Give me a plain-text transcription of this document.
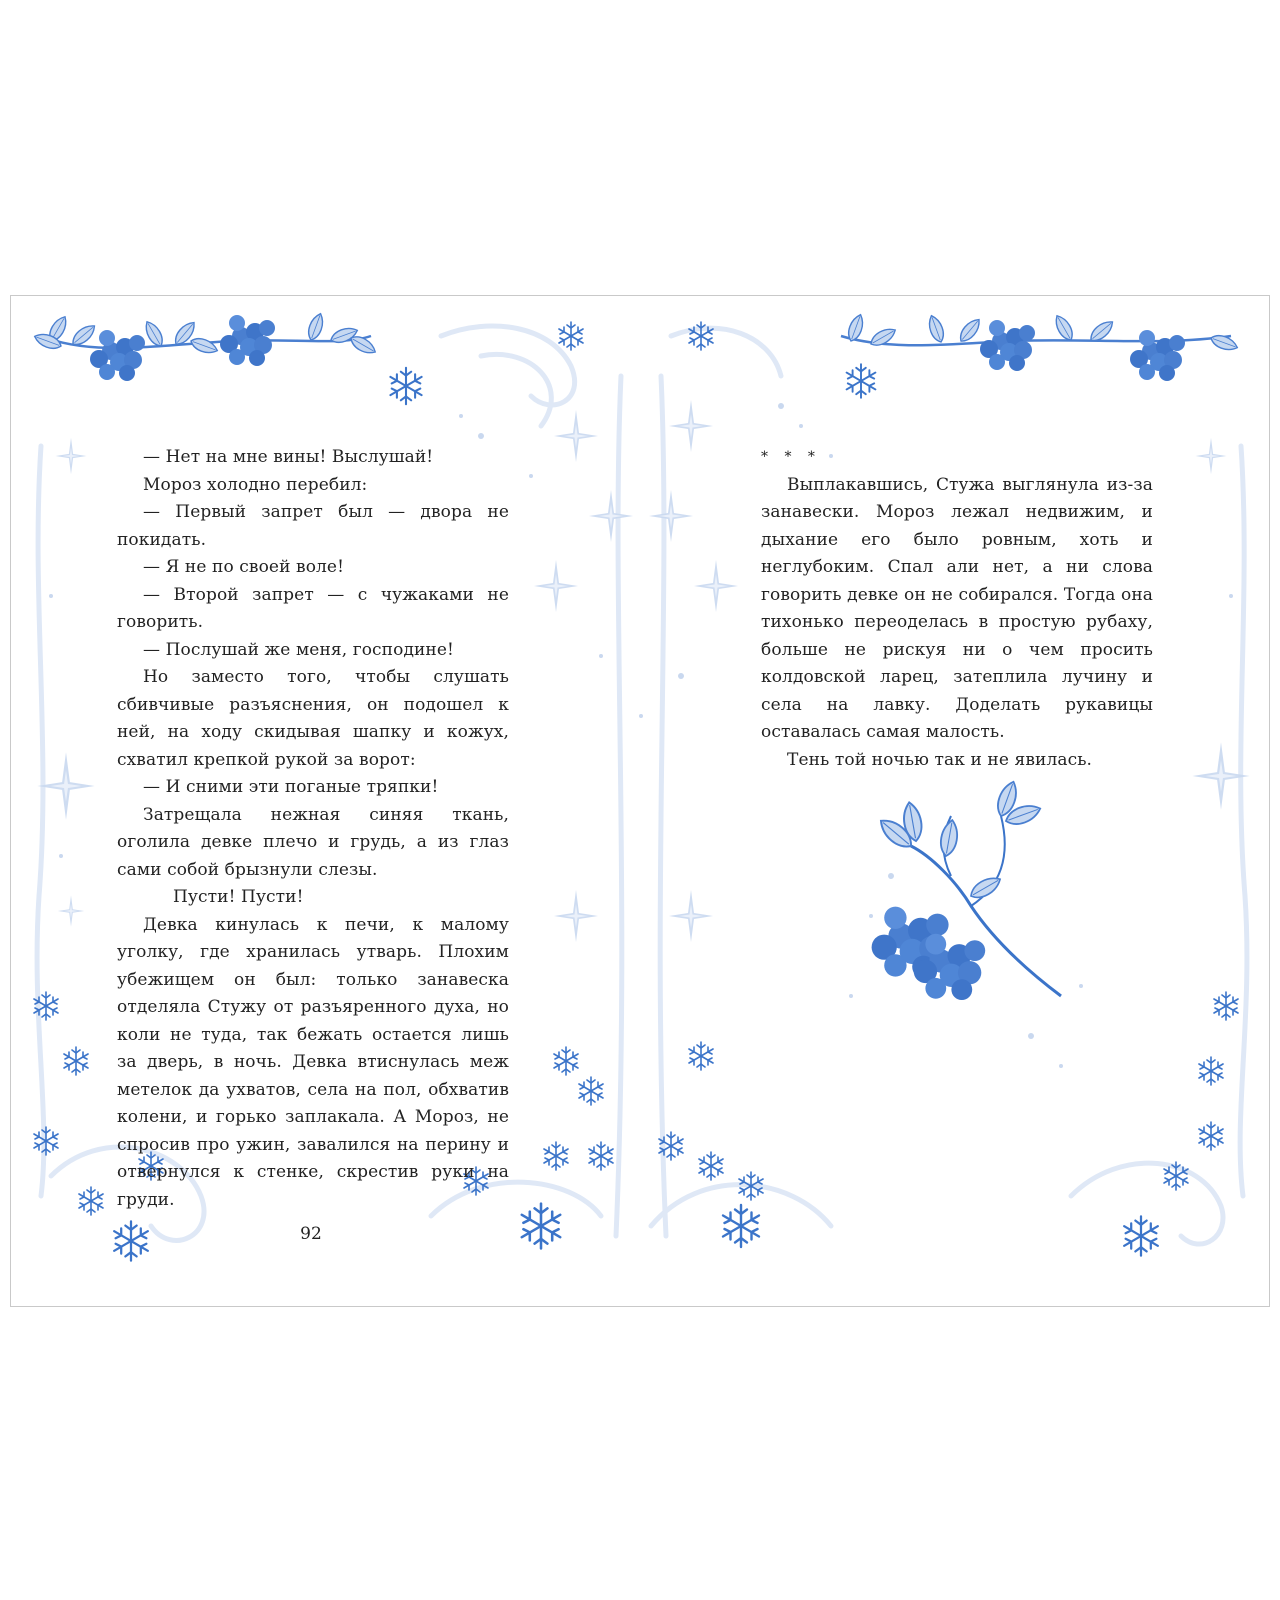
— Нет на мне вины! Выслушай!

Мороз холодно перебил:

— Первый запрет был — двора не покидать.

— Я не по своей воле!

— Второй запрет — с чужаками не говорить.

— Послушай же меня, господине!

Но заместо того, чтобы слушать сбивчивые разъяснения, он подошел к ней, на ходу скидывая шапку и кожух, схватил крепкой рукой за ворот:

— И сними эти поганые тряпки!

Затрещала нежная синяя ткань, оголила девке плечо и грудь, а из глаз сами собой брызнули слезы.

Пусти! Пусти!

Девка кинулась к печи, к малому уголку, где хранилась утварь. Плохим убежищем он был: только занавеска отделяла Стужу от разъяренного духа, но коли не туда, так бежать остается лишь за дверь, в ночь. Девка втиснулась меж метелок да ухватов, села на пол, обхватив колени, и горько заплакала. А Мороз, не спросив про ужин, завалился на перину и отвернулся к стенке, скрестив руки на груди.

92

* * *

Выплакавшись, Стужа выглянула из-за занавески. Мороз лежал недвижим, и дыхание его было ровным, хоть и неглубоким. Спал али нет, а ни слова говорить девке он не собирался. Тогда она тихонько переоделась в простую рубаху, больше не рискуя ни о чем просить колдовской ларец, затеплила лучину и села на лавку. Доделать рукавицы оставалась самая малость.

Тень той ночью так и не явилась.
